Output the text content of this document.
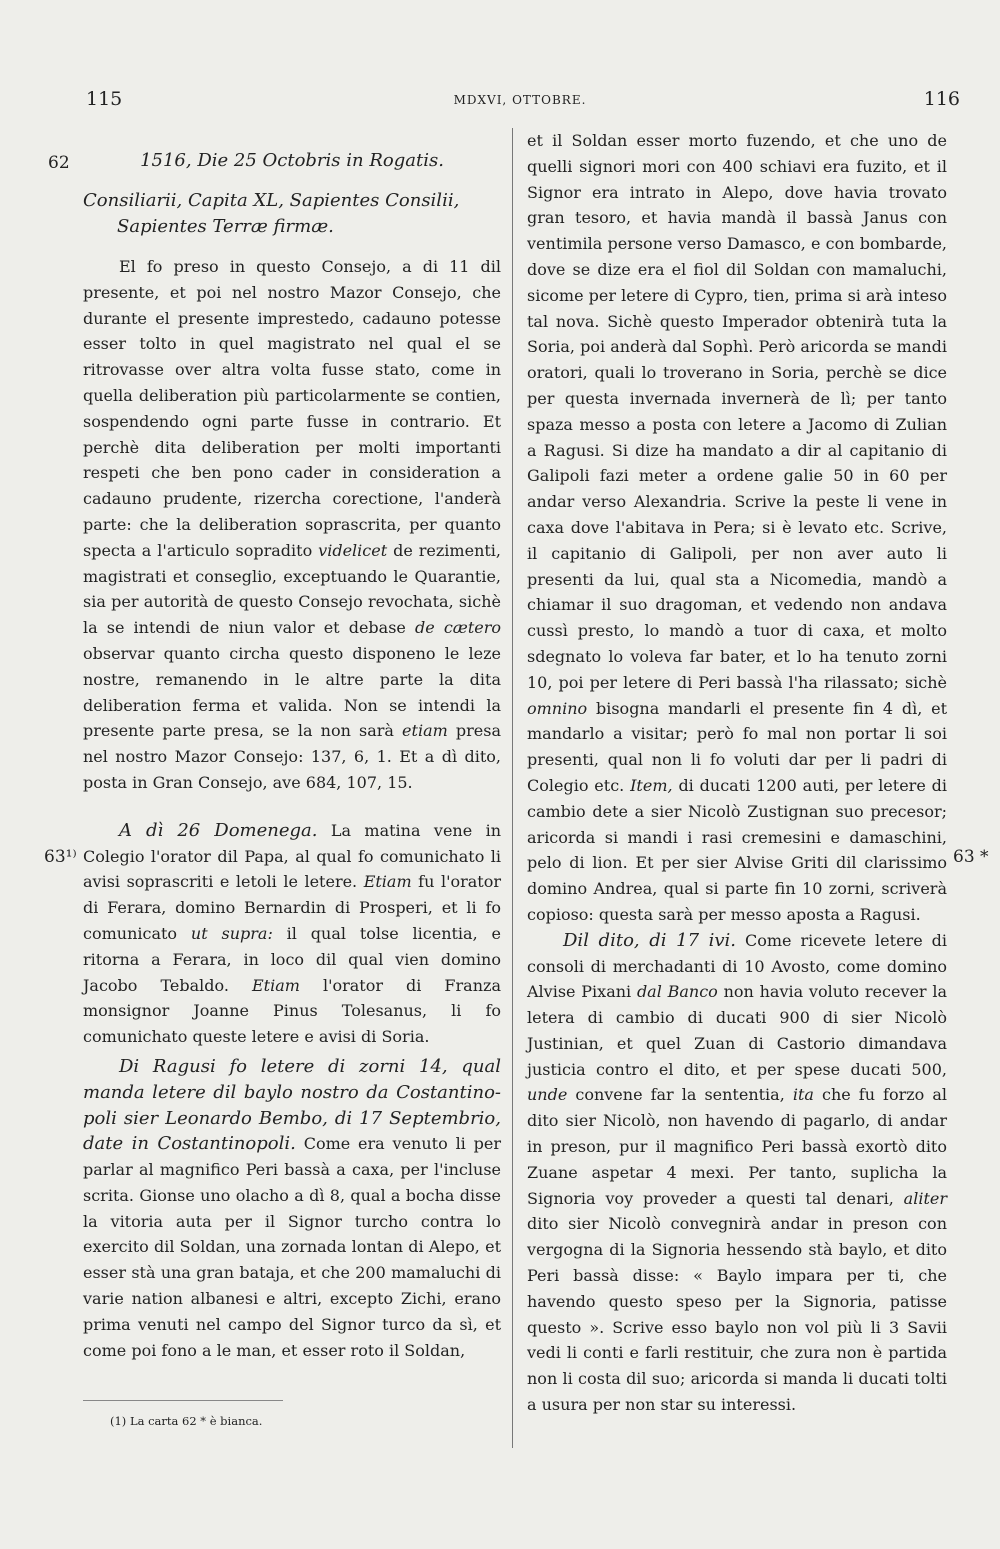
115	MDXVI, OTTOBRE.	116
62
63¹⁾	63 *

1516, Die 25 Octobris in Rogatis.

Consiliarii, Capita XL, Sapientes Consilii,

Sapientes Terræ firmæ.

El fo preso in questo Consejo, a di 11 dil presente, et poi nel nostro Mazor Consejo, che durante el presente imprestedo, cadauno potesse esser tolto in quel magistrato nel qual el se ritrovasse over altra volta fusse stato, come in quella deliberation più particolarmente se contien, sospendendo ogni parte fusse in contrario. Et perchè dita deliberation per molti importanti respeti che ben pono cader in consideration a cadauno prudente, rizercha corectione, l'anderà parte: che la deliberation soprascrita, per quanto specta a l'articulo sopradito videlicet de rezimenti, magistrati et conseglio, exceptuando le Quarantie, sia per autorità de questo Consejo revochata, sichè la se intendi de niun valor et debase de cætero observar quanto circha questo disponeno le leze nostre, remanendo in le altre parte la dita deliberation ferma et valida. Non se intendi la presente parte presa, se la non sarà etiam presa nel nostro Mazor Consejo: 137, 6, 1. Et a dì dito, posta in Gran Consejo, ave 684, 107, 15.

A dì 26 Domenega. La matina vene in Colegio l'orator dil Papa, al qual fo comunichato li avisi soprascriti e letoli le letere. Etiam fu l'orator di Ferara, domino Bernardin di Prosperi, et li fo comunicato ut supra: il qual tolse licentia, e ritorna a Ferara, in loco dil qual vien domino Jacobo Tebaldo. Etiam l'orator di Franza monsignor Joanne Pinus Tolesanus, li fo comunichato queste letere e avisi di Soria.

Di Ragusi fo letere di zorni 14, qual manda letere dil baylo nostro da Costantino-poli sier Leonardo Bembo, di 17 Septembrio, date in Costantinopoli. Come era venuto li per parlar al magnifico Peri bassà a caxa, per l'incluse scrita. Gionse uno olacho a dì 8, qual a bocha disse la vitoria auta per il Signor turcho contra lo exercito dil Soldan, una zornada lontan di Alepo, et esser stà una gran bataja, et che 200 mamaluchi di varie nation albanesi e altri, excepto Zichi, erano prima venuti nel campo del Signor turco da sì, et come poi fono a le man, et esser roto il Soldan,

(1) La carta 62 * è bianca.

et il Soldan esser morto fuzendo, et che uno de quelli signori mori con 400 schiavi era fuzito, et il Signor era intrato in Alepo, dove havia trovato gran tesoro, et havia mandà il bassà Janus con ventimila persone verso Damasco, e con bombarde, dove se dize era el fiol dil Soldan con mamaluchi, sicome per letere di Cypro, tien, prima si arà inteso tal nova. Sichè questo Imperador obtenirà tuta la Soria, poi anderà dal Sophì. Però aricorda se mandi oratori, quali lo troverano in Soria, perchè se dice per questa invernada invernerà de lì; per tanto spaza messo a posta con letere a Jacomo di Zulian a Ragusi. Si dize ha mandato a dir al capitanio di Galipoli fazi meter a ordene galie 50 in 60 per andar verso Alexandria. Scrive la peste li vene in caxa dove l'abitava in Pera; si è levato etc. Scrive, il capitanio di Galipoli, per non aver auto li presenti da lui, qual sta a Nicomedia, mandò a chiamar il suo dragoman, et vedendo non andava cussì presto, lo mandò a tuor di caxa, et molto sdegnato lo voleva far bater, et lo ha tenuto zorni 10, poi per letere di Peri bassà l'ha rilassato; sichè omnino bisogna mandarli el presente fin 4 dì, et mandarlo a visitar; però fo mal non portar li soi presenti, qual non li fo voluti dar per li padri di Colegio etc. Item, di ducati 1200 auti, per letere di cambio dete a sier Nicolò Zustignan suo precesor; aricorda si mandi i rasi cremesini e damaschini, pelo di lion. Et per sier Alvise Griti dil clarissimo domino Andrea, qual si parte fin 10 zorni, scriverà copioso: questa sarà per messo aposta a Ragusi.

Dil dito, di 17 ivi. Come ricevete letere di consoli di merchadanti di 10 Avosto, come domino Alvise Pixani dal Banco non havia voluto recever la letera di cambio di ducati 900 di sier Nicolò Justinian, et quel Zuan di Castorio dimandava justicia contro el dito, et per spese ducati 500, unde convene far la sententia, ita che fu forzo al dito sier Nicolò, non havendo di pagarlo, di andar in preson, pur il magnifico Peri bassà exortò dito Zuane aspetar 4 mexi. Per tanto, suplicha la Signoria voy proveder a questi tal denari, aliter dito sier Nicolò convegnirà andar in preson con vergogna di la Signoria hessendo stà baylo, et dito Peri bassà disse: « Baylo impara per ti, che havendo questo speso per la Signoria, patisse questo ». Scrive esso baylo non vol più li 3 Savii vedi li conti e farli restituir, che zura non è partida non li costa dil suo; aricorda si manda li ducati tolti a usura per non star su interessi.
